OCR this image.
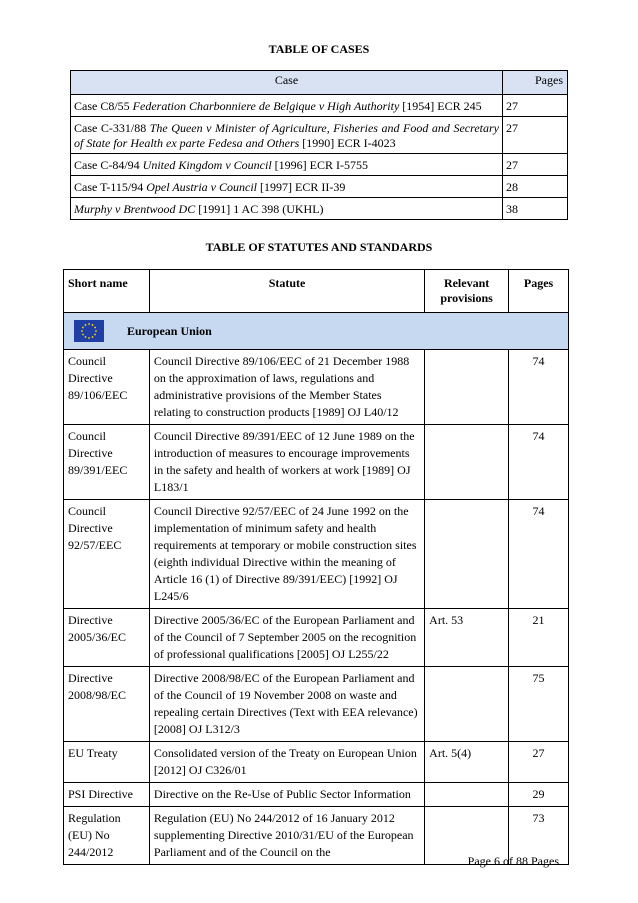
TABLE OF CASES
Case	Pages
Case C8/55 Federation Charbonniere de Belgique v High Authority [1954] ECR 245	27
Case C-331/88 The Queen v Minister of Agriculture, Fisheries and Food and Secretary of State for Health ex parte Fedesa and Others [1990] ECR I-4023	27
Case C-84/94 United Kingdom v Council [1996] ECR I-5755	27
Case T-115/94 Opel Austria v Council [1997] ECR II-39	28
Murphy v Brentwood DC [1991] 1 AC 398 (UKHL)	38
TABLE OF STATUTES AND STANDARDS
Short name	Statute	Relevant provisions	Pages

European Union			
Council Directive 89/106/EEC	Council Directive 89/106/EEC of 21 December 1988 on the approximation of laws, regulations and administrative provisions of the Member States relating to construction products [1989] OJ L40/12		74
Council Directive 89/391/EEC	Council Directive 89/391/EEC of 12 June 1989 on the introduction of measures to encourage improvements in the safety and health of workers at work [1989] OJ L183/1		74
Council Directive 92/57/EEC	Council Directive 92/57/EEC of 24 June 1992 on the implementation of minimum safety and health requirements at temporary or mobile construction sites (eighth individual Directive within the meaning of Article 16 (1) of Directive 89/391/EEC) [1992] OJ L245/6		74
Directive 2005/36/EC	Directive 2005/36/EC of the European Parliament and of the Council of 7 September 2005 on the recognition of professional qualifications [2005] OJ L255/22	Art. 53	21
Directive 2008/98/EC	Directive 2008/98/EC of the European Parliament and of the Council of 19 November 2008 on waste and repealing certain Directives (Text with EEA relevance) [2008] OJ L312/3		75
EU Treaty	Consolidated version of the Treaty on European Union [2012] OJ C326/01	Art. 5(4)	27
PSI Directive	Directive on the Re-Use of Public Sector Information		29
Regulation (EU) No 244/2012	Regulation (EU) No 244/2012 of 16 January 2012 supplementing Directive 2010/31/EU of the European Parliament and of the Council on the		73
Page 6 of 88 Pages
